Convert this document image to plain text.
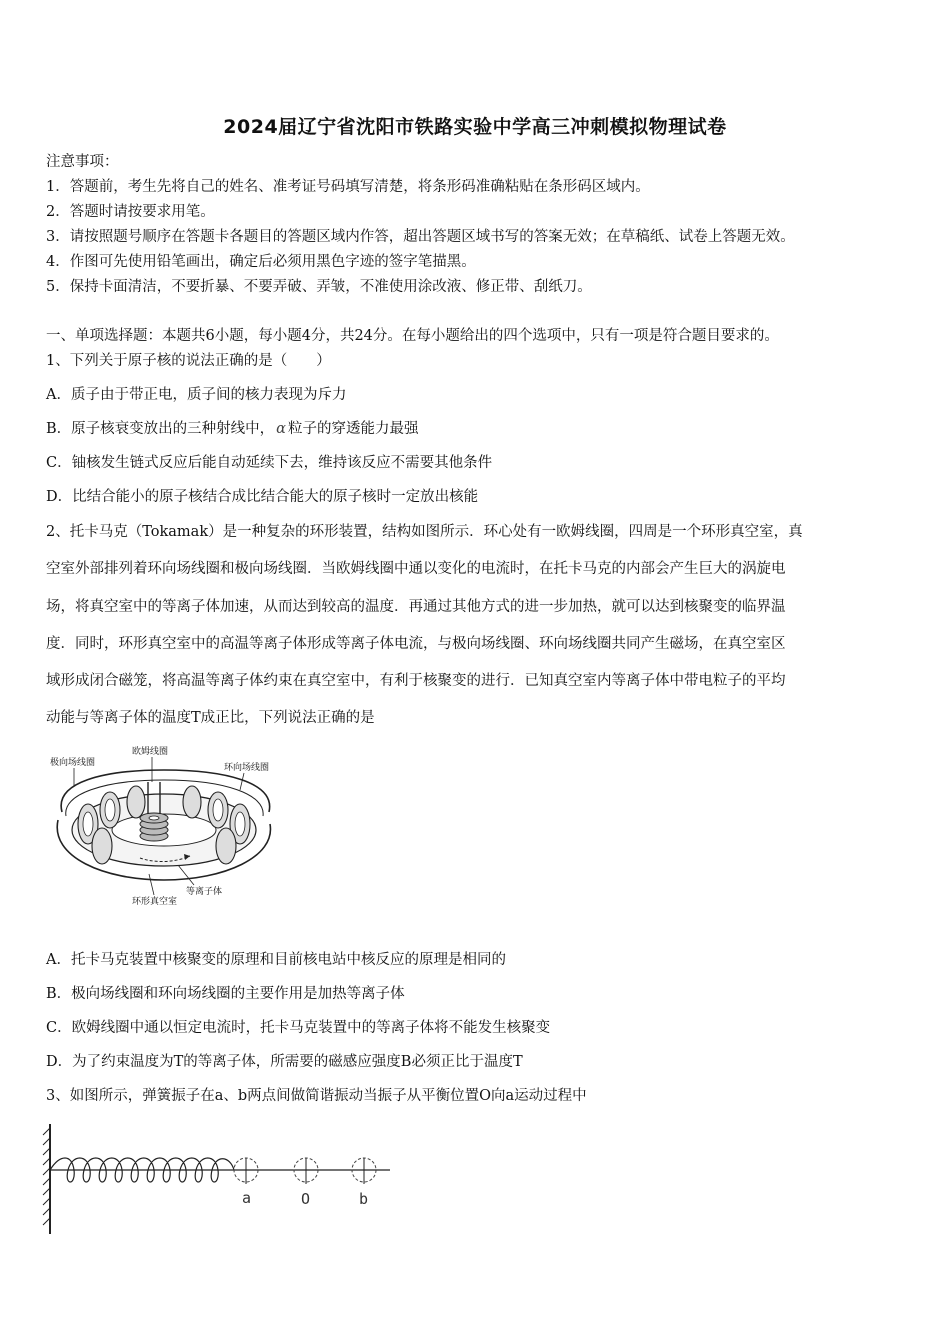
2024届辽宁省沈阳市铁路实验中学高三冲刺模拟物理试卷
注意事项：
1．答题前，考生先将自己的姓名、准考证号码填写清楚，将条形码准确粘贴在条形码区域内。
2．答题时请按要求用笔。
3．请按照题号顺序在答题卡各题目的答题区域内作答，超出答题区域书写的答案无效；在草稿纸、试卷上答题无效。
4．作图可先使用铅笔画出，确定后必须用黑色字迹的签字笔描黑。
5．保持卡面清洁，不要折暴、不要弄破、弄皱，不准使用涂改液、修正带、刮纸刀。
一、单项选择题：本题共6小题，每小题4分，共24分。在每小题给出的四个选项中，只有一项是符合题目要求的。
1、下列关于原子核的说法正确的是（　　）
A．质子由于带正电，质子间的核力表现为斥力
B．原子核衰变放出的三种射线中， α 粒子的穿透能力最强
C．铀核发生链式反应后能自动延续下去，维持该反应不需要其他条件
D．比结合能小的原子核结合成比结合能大的原子核时一定放出核能
2、托卡马克（Tokamak）是一种复杂的环形装置，结构如图所示．环心处有一欧姆线圈，四周是一个环形真空室，真
空室外部排列着环向场线圈和极向场线圈．当欧姆线圈中通以变化的电流时，在托卡马克的内部会产生巨大的涡旋电
场，将真空室中的等离子体加速，从而达到较高的温度．再通过其他方式的进一步加热，就可以达到核聚变的临界温
度．同时，环形真空室中的高温等离子体形成等离子体电流，与极向场线圈、环向场线圈共同产生磁场，在真空室区
域形成闭合磁笼，将高温等离子体约束在真空室中，有利于核聚变的进行．已知真空室内等离子体中带电粒子的平均
动能与等离子体的温度T成正比，下列说法正确的是
极向场线圈
欧姆线圈
环向场线圈
等离子体
环形真空室
A．托卡马克装置中核聚变的原理和目前核电站中核反应的原理是相同的
B．极向场线圈和环向场线圈的主要作用是加热等离子体
C．欧姆线圈中通以恒定电流时，托卡马克装置中的等离子体将不能发生核聚变
D．为了约束温度为T的等离子体，所需要的磁感应强度B必须正比于温度T
3、如图所示，弹簧振子在a、b两点间做简谐振动当振子从平衡位置O向a运动过程中
a	O	b
